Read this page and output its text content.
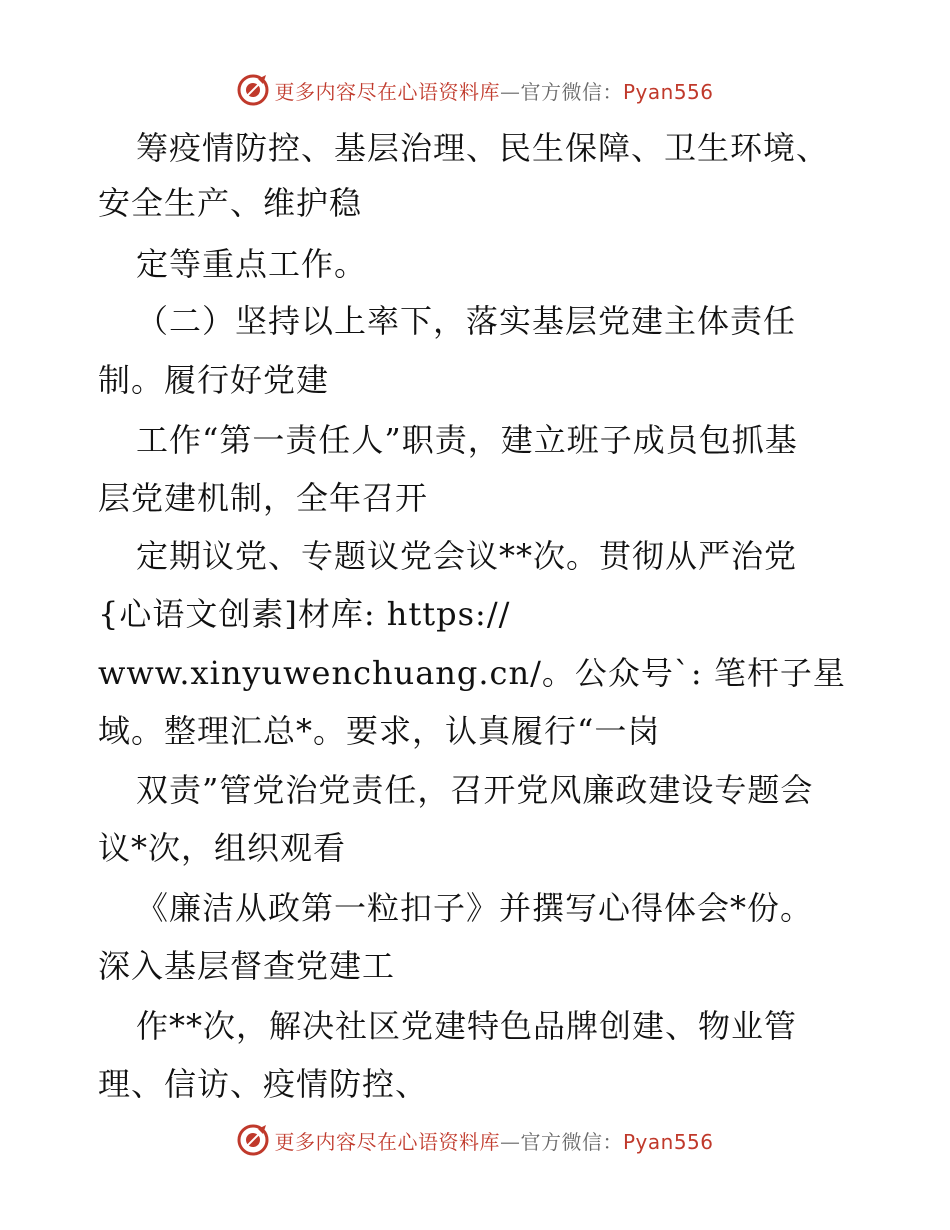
更多内容尽在心语资料库—官方微信：Pyan556
筹疫情防控、基层治理、民生保障、卫生环境、
安全生产、维护稳
定等重点工作。
（二）坚持以上率下，落实基层党建主体责任
制。履行好党建
工作“第一责任人”职责，建立班子成员包抓基
层党建机制，全年召开
定期议党、专题议党会议**次。贯彻从严治党
{心语文创素]材库: https://
www.xinyuwenchuang.cn/。公众号`: 笔杆子星
域。整理汇总*。要求，认真履行“一岗
双责”管党治党责任，召开党风廉政建设专题会
议*次，组织观看
《廉洁从政第一粒扣子》并撰写心得体会*份。
深入基层督查党建工
作**次，解决社区党建特色品牌创建、物业管
理、信访、疫情防控、
更多内容尽在心语资料库—官方微信：Pyan556
